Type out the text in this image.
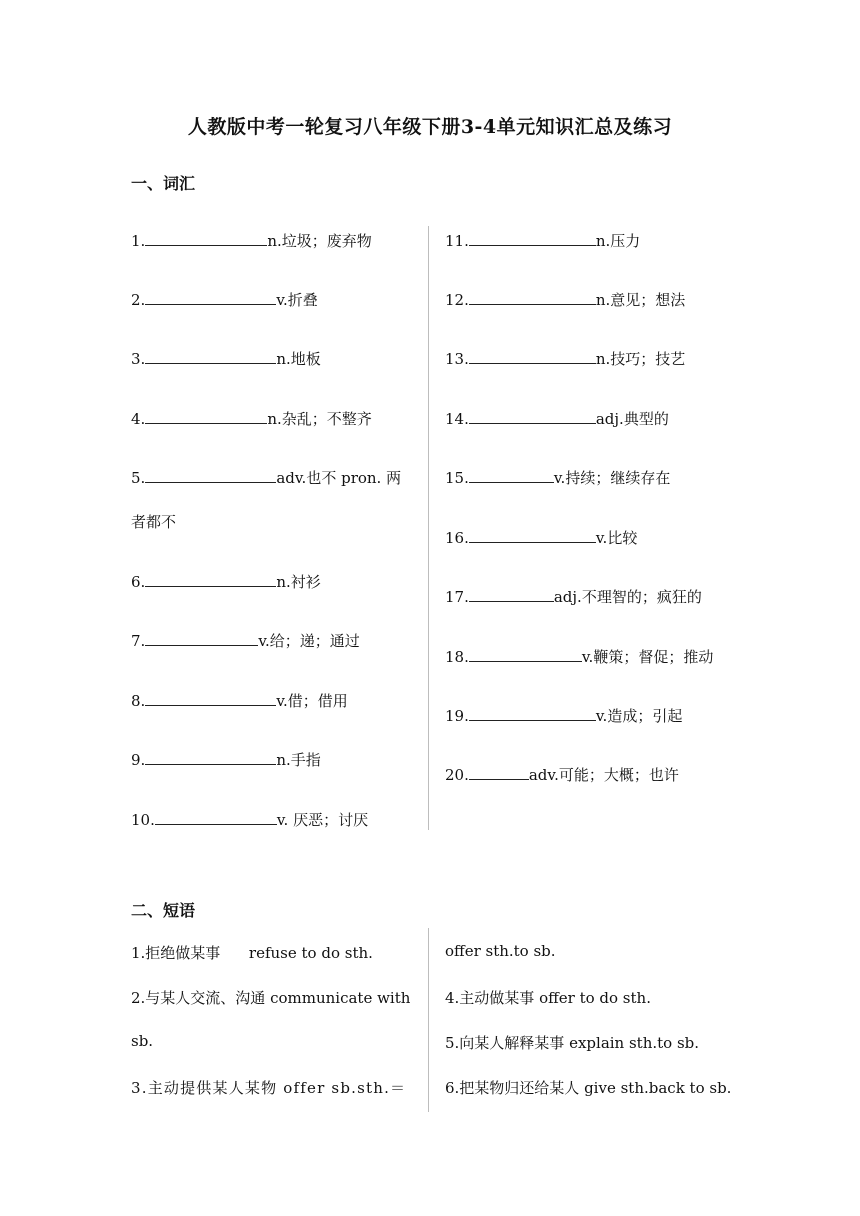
人教版中考一轮复习八年级下册3-4单元知识汇总及练习
一、词汇
1.	n.垃圾；废弃物
2.	v.折叠
3.	n.地板
4.	n.杂乱；不整齐
5.	adv.也不 pron. 两
者都不
6.	n.衬衫
7.	v.给；递；通过
8.	v.借；借用
9.	n.手指
10.	v. 厌恶；讨厌
11.	n.压力
12.	n.意见；想法
13.	n.技巧；技艺
14.	adj.典型的
15.	v.持续；继续存在
16.	v.比较
17.	adj.不理智的；疯狂的
18.	v.鞭策；督促；推动
19.	v.造成；引起
20.	adv.可能；大概；也许
二、短语
1.拒绝做某事      refuse to do sth.
2.与某人交流、沟通 communicate with
sb.
3.主动提供某人某物 offer sb.sth.＝
offer sth.to sb.
4.主动做某事 offer to do sth.
5.向某人解释某事 explain sth.to sb.
6.把某物归还给某人 give sth.back to sb.
